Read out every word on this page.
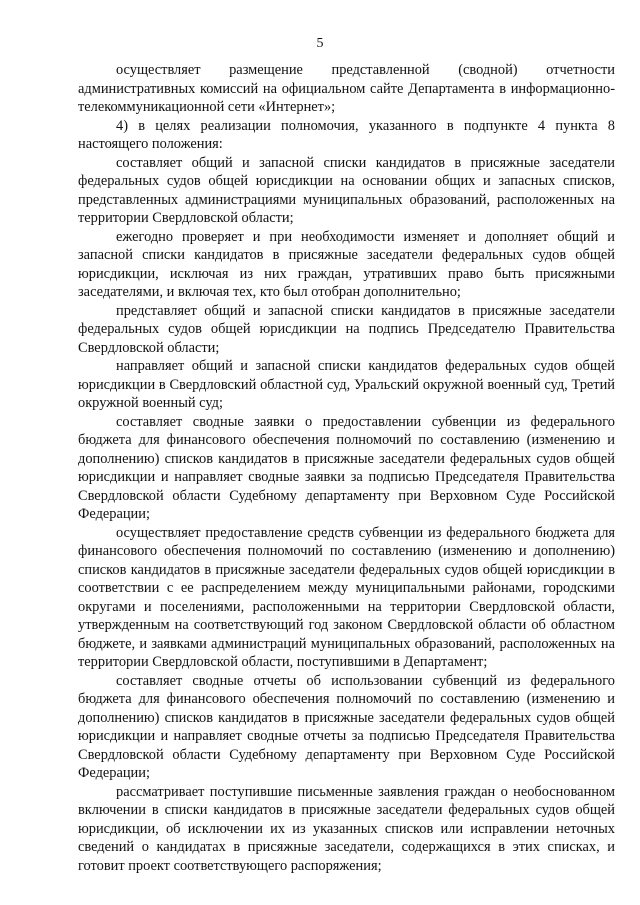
5

осуществляет размещение представленной (сводной) отчетности административных комиссий на официальном сайте Департамента в информационно-телекоммуникационной сети «Интернет»;

4) в целях реализации полномочия, указанного в подпункте 4 пункта 8 настоящего положения:

составляет общий и запасной списки кандидатов в присяжные заседатели федеральных судов общей юрисдикции на основании общих и запасных списков, представленных администрациями муниципальных образований, расположенных на территории Свердловской области;

ежегодно проверяет и при необходимости изменяет и дополняет общий и запасной списки кандидатов в присяжные заседатели федеральных судов общей юрисдикции, исключая из них граждан, утративших право быть присяжными заседателями, и включая тех, кто был отобран дополнительно;

представляет общий и запасной списки кандидатов в присяжные заседатели федеральных судов общей юрисдикции на подпись Председателю Правительства Свердловской области;

направляет общий и запасной списки кандидатов федеральных судов общей юрисдикции в Свердловский областной суд, Уральский окружной военный суд, Третий окружной военный суд;

составляет сводные заявки о предоставлении субвенции из федерального бюджета для финансового обеспечения полномочий по составлению (изменению и дополнению) списков кандидатов в присяжные заседатели федеральных судов общей юрисдикции и направляет сводные заявки за подписью Председателя Правительства Свердловской области Судебному департаменту при Верховном Суде Российской Федерации;

осуществляет предоставление средств субвенции из федерального бюджета для финансового обеспечения полномочий по составлению (изменению и дополнению) списков кандидатов в присяжные заседатели федеральных судов общей юрисдикции в соответствии с ее распределением между муниципальными районами, городскими округами и поселениями, расположенными на территории Свердловской области, утвержденным на соответствующий год законом Свердловской области об областном бюджете, и заявками администраций муниципальных образований, расположенных на территории Свердловской области, поступившими в Департамент;

составляет сводные отчеты об использовании субвенций из федерального бюджета для финансового обеспечения полномочий по составлению (изменению и дополнению) списков кандидатов в присяжные заседатели федеральных судов общей юрисдикции и направляет сводные отчеты за подписью Председателя Правительства Свердловской области Судебному департаменту при Верховном Суде Российской Федерации;

рассматривает поступившие письменные заявления граждан о необоснованном включении в списки кандидатов в присяжные заседатели федеральных судов общей юрисдикции, об исключении их из указанных списков или исправлении неточных сведений о кандидатах в присяжные заседатели, содержащихся в этих списках, и готовит проект соответствующего распоряжения;
